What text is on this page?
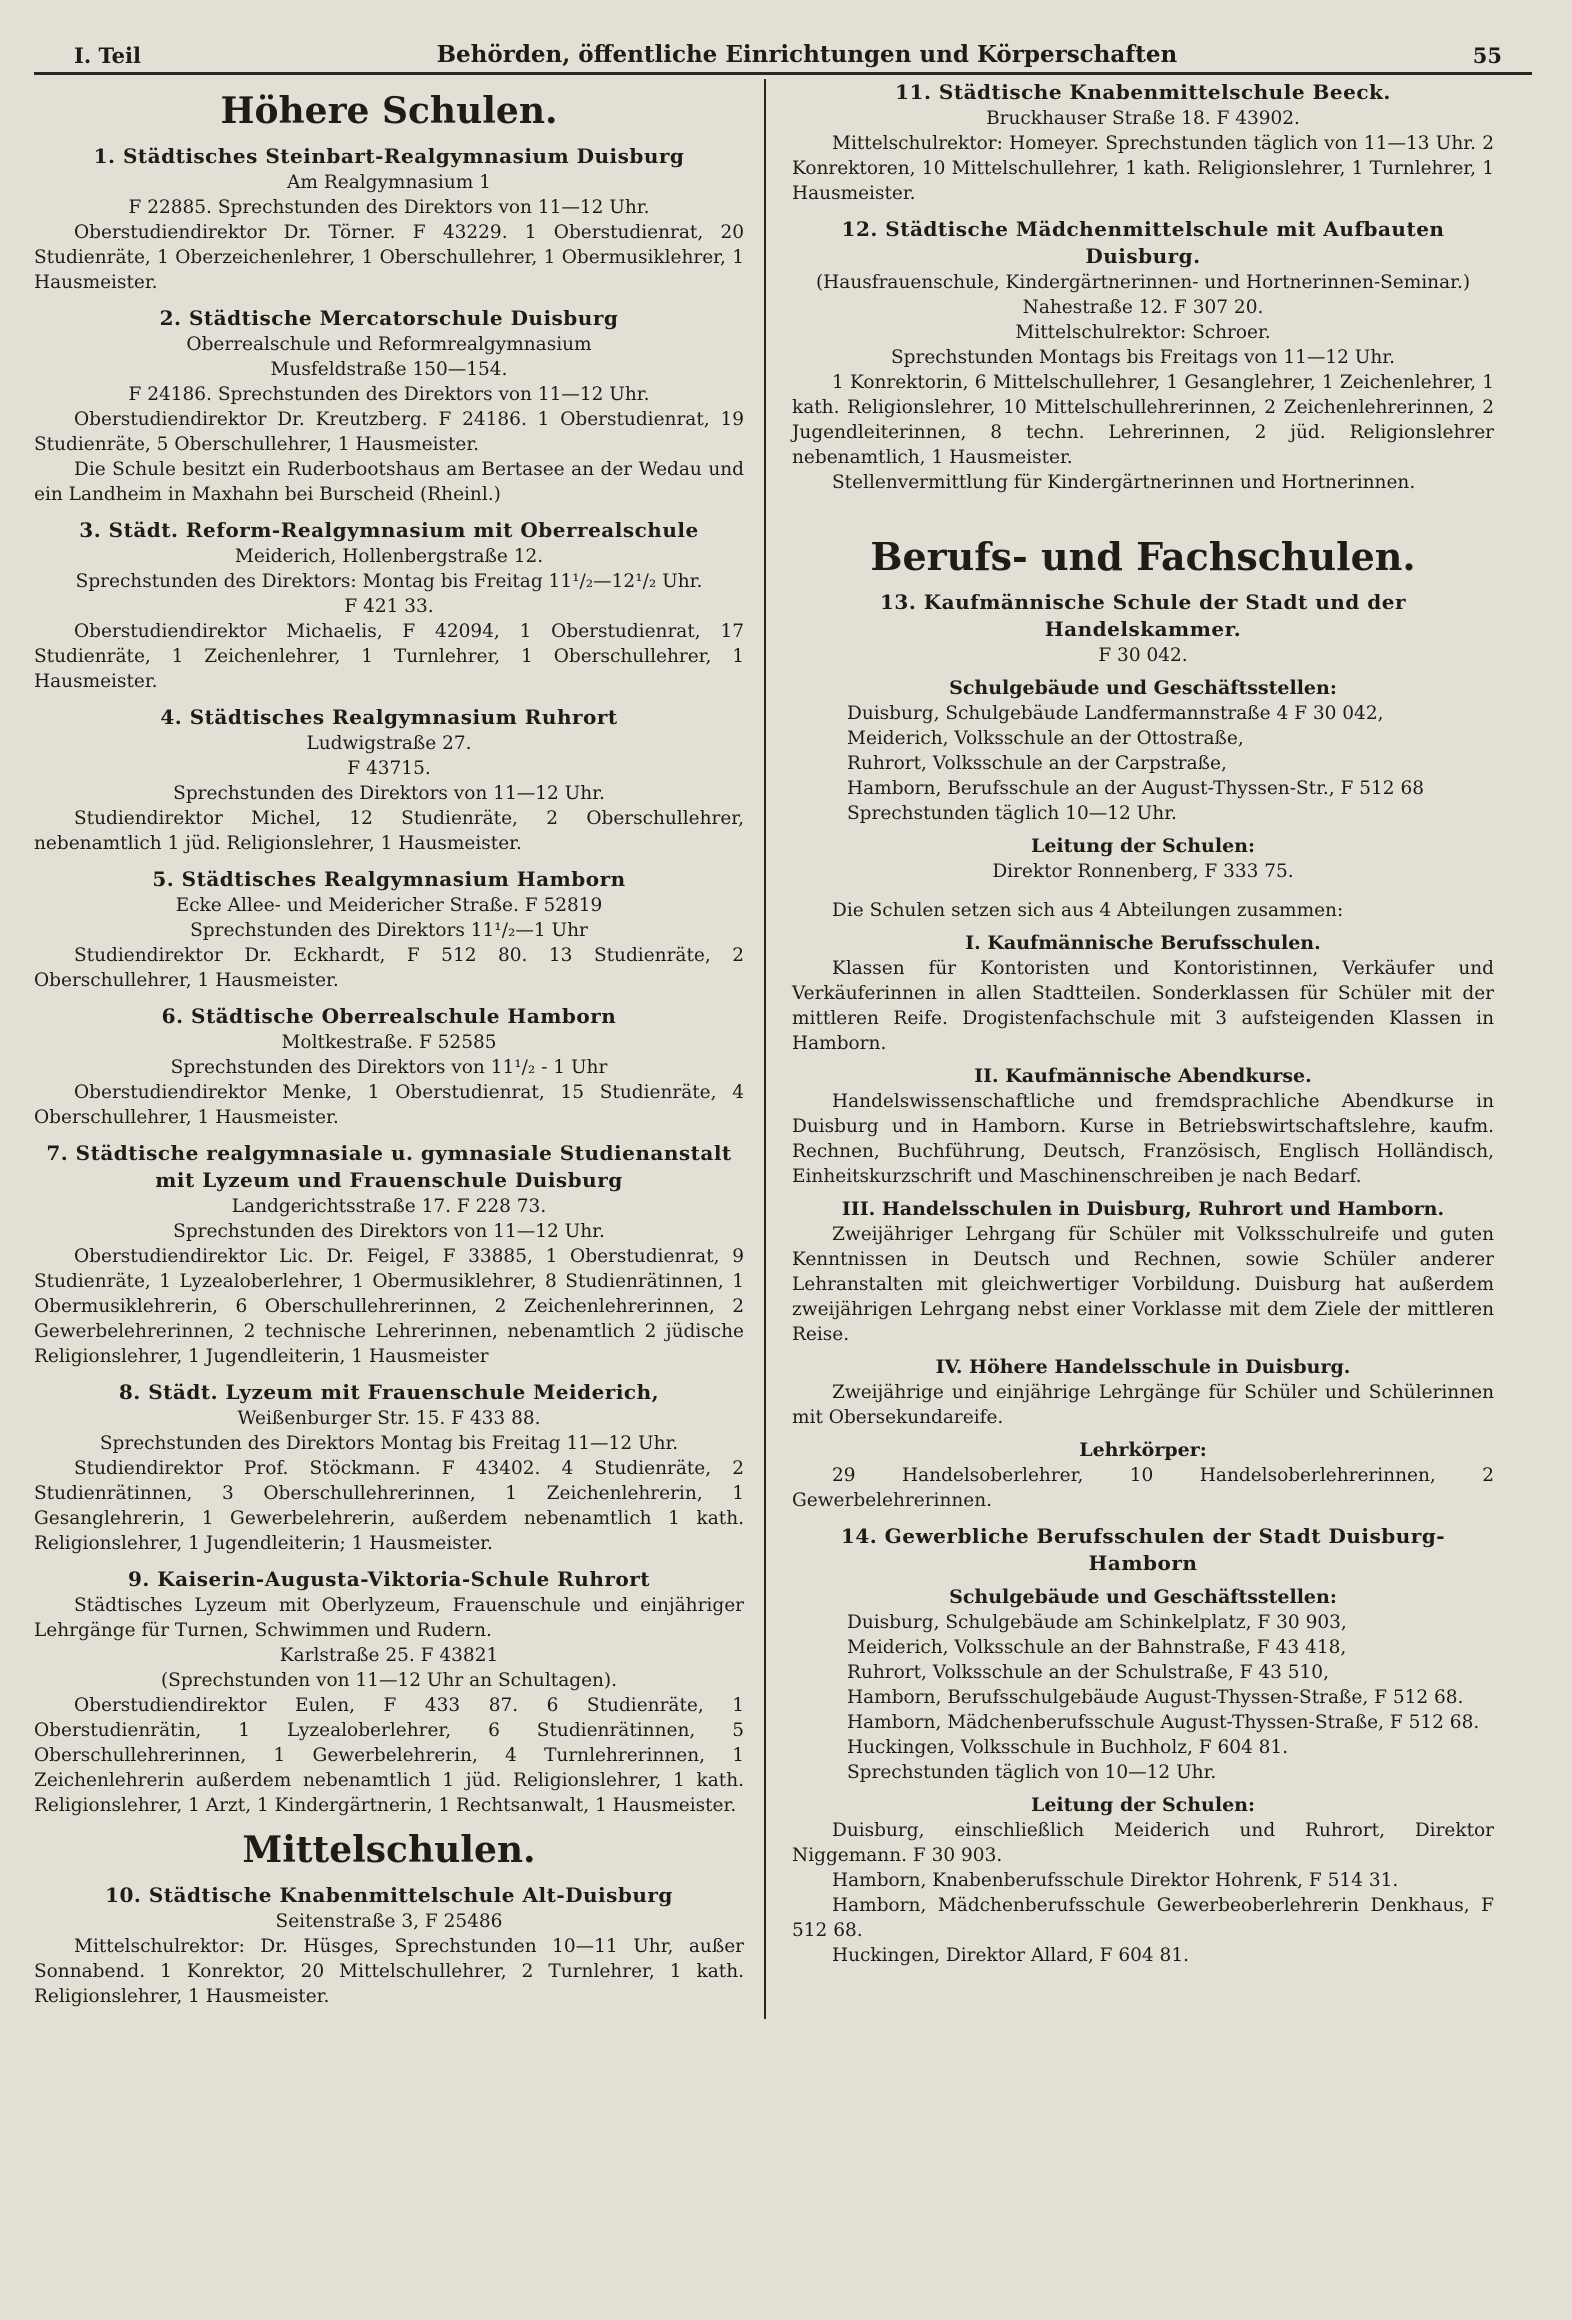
I. Teil	Behörden, öffentliche Einrichtungen und Körperschaften	55
Höhere Schulen.
1. Städtisches Steinbart-Realgymnasium Duisburg
Am Realgymnasium 1
F 22885. Sprechstunden des Direktors von 11—12 Uhr.
Oberstudiendirektor Dr. Törner. F 43229. 1 Oberstudienrat, 20 Studienräte, 1 Oberzeichenlehrer, 1 Oberschullehrer, 1 Obermusiklehrer, 1 Hausmeister.
2. Städtische Mercatorschule Duisburg
Oberrealschule und Reformrealgymnasium
Musfeldstraße 150—154.
F 24186. Sprechstunden des Direktors von 11—12 Uhr.
Oberstudiendirektor Dr. Kreutzberg. F 24186. 1 Oberstudienrat, 19 Studienräte, 5 Oberschullehrer, 1 Hausmeister.
Die Schule besitzt ein Ruderbootshaus am Bertasee an der Wedau und ein Landheim in Maxhahn bei Burscheid (Rheinl.)
3. Städt. Reform-Realgymnasium mit Oberrealschule
Meiderich, Hollenbergstraße 12.
Sprechstunden des Direktors: Montag bis Freitag 11¹/₂—12¹/₂ Uhr.
F 421 33.
Oberstudiendirektor Michaelis, F 42094, 1 Oberstudienrat, 17 Studienräte, 1 Zeichenlehrer, 1 Turnlehrer, 1 Oberschullehrer, 1 Hausmeister.
4. Städtisches Realgymnasium Ruhrort
Ludwigstraße 27.
F 43715.
Sprechstunden des Direktors von 11—12 Uhr.
Studiendirektor Michel, 12 Studienräte, 2 Oberschullehrer, nebenamtlich 1 jüd. Religionslehrer, 1 Hausmeister.
5. Städtisches Realgymnasium Hamborn
Ecke Allee- und Meidericher Straße. F 52819
Sprechstunden des Direktors 11¹/₂—1 Uhr
Studiendirektor Dr. Eckhardt, F 512 80. 13 Studienräte, 2 Oberschullehrer, 1 Hausmeister.
6. Städtische Oberrealschule Hamborn
Moltkestraße. F 52585
Sprechstunden des Direktors von 11¹/₂ - 1 Uhr
Oberstudiendirektor Menke, 1 Oberstudienrat, 15 Studienräte, 4 Oberschullehrer, 1 Hausmeister.
7. Städtische realgymnasiale u. gymnasiale Studienanstalt mit Lyzeum und Frauenschule Duisburg
Landgerichtsstraße 17. F 228 73.
Sprechstunden des Direktors von 11—12 Uhr.
Oberstudiendirektor Lic. Dr. Feigel, F 33885, 1 Oberstudienrat, 9 Studienräte, 1 Lyzealoberlehrer, 1 Obermusiklehrer, 8 Studienrätinnen, 1 Obermusiklehrerin, 6 Oberschullehrerinnen, 2 Zeichenlehrerinnen, 2 Gewerbelehrerinnen, 2 technische Lehrerinnen, nebenamtlich 2 jüdische Religionslehrer, 1 Jugendleiterin, 1 Hausmeister
8. Städt. Lyzeum mit Frauenschule Meiderich,
Weißenburger Str. 15. F 433 88.
Sprechstunden des Direktors Montag bis Freitag 11—12 Uhr.
Studiendirektor Prof. Stöckmann. F 43402. 4 Studienräte, 2 Studienrätinnen, 3 Oberschullehrerinnen, 1 Zeichenlehrerin, 1 Gesanglehrerin, 1 Gewerbelehrerin, außerdem nebenamtlich 1 kath. Religionslehrer, 1 Jugendleiterin; 1 Hausmeister.
9. Kaiserin-Augusta-Viktoria-Schule Ruhrort
Städtisches Lyzeum mit Oberlyzeum, Frauenschule und einjähriger Lehrgänge für Turnen, Schwimmen und Rudern.
Karlstraße 25. F 43821
(Sprechstunden von 11—12 Uhr an Schultagen).
Oberstudiendirektor Eulen, F 433 87. 6 Studienräte, 1 Oberstudienrätin, 1 Lyzealoberlehrer, 6 Studienrätinnen, 5 Oberschullehrerinnen, 1 Gewerbelehrerin, 4 Turnlehrerinnen, 1 Zeichenlehrerin außerdem nebenamtlich 1 jüd. Religionslehrer, 1 kath. Religionslehrer, 1 Arzt, 1 Kindergärtnerin, 1 Rechtsanwalt, 1 Hausmeister.
Mittelschulen.
10. Städtische Knabenmittelschule Alt-Duisburg
Seitenstraße 3, F 25486
Mittelschulrektor: Dr. Hüsges, Sprechstunden 10—11 Uhr, außer Sonnabend. 1 Konrektor, 20 Mittelschullehrer, 2 Turnlehrer, 1 kath. Religionslehrer, 1 Hausmeister.
11. Städtische Knabenmittelschule Beeck.
Bruckhauser Straße 18. F 43902.
Mittelschulrektor: Homeyer. Sprechstunden täglich von 11—13 Uhr. 2 Konrektoren, 10 Mittelschullehrer, 1 kath. Religionslehrer, 1 Turnlehrer, 1 Hausmeister.
12. Städtische Mädchenmittelschule mit Aufbauten Duisburg.
(Hausfrauenschule, Kindergärtnerinnen- und Hortnerinnen-Seminar.)
Nahestraße 12. F 307 20.
Mittelschulrektor: Schroer.
Sprechstunden Montags bis Freitags von 11—12 Uhr.
1 Konrektorin, 6 Mittelschullehrer, 1 Gesanglehrer, 1 Zeichenlehrer, 1 kath. Religionslehrer, 10 Mittelschullehrerinnen, 2 Zeichenlehrerinnen, 2 Jugendleiterinnen, 8 techn. Lehrerinnen, 2 jüd. Religionslehrer nebenamtlich, 1 Hausmeister.
Stellenvermittlung für Kindergärtnerinnen und Hortnerinnen.
Berufs- und Fachschulen.
13. Kaufmännische Schule der Stadt und der Handelskammer.
F 30 042.
Schulgebäude und Geschäftsstellen:
Duisburg, Schulgebäude Landfermannstraße 4 F 30 042,
Meiderich, Volksschule an der Ottostraße,
Ruhrort, Volksschule an der Carpstraße,
Hamborn, Berufsschule an der August-Thyssen-Str., F 512 68
Sprechstunden täglich 10—12 Uhr.
Leitung der Schulen:
Direktor Ronnenberg, F 333 75.
Die Schulen setzen sich aus 4 Abteilungen zusammen:
I. Kaufmännische Berufsschulen.
Klassen für Kontoristen und Kontoristinnen, Verkäufer und Verkäuferinnen in allen Stadtteilen. Sonderklassen für Schüler mit der mittleren Reife. Drogistenfachschule mit 3 aufsteigenden Klassen in Hamborn.
II. Kaufmännische Abendkurse.
Handelswissenschaftliche und fremdsprachliche Abendkurse in Duisburg und in Hamborn. Kurse in Betriebswirtschaftslehre, kaufm. Rechnen, Buchführung, Deutsch, Französisch, Englisch Holländisch, Einheitskurzschrift und Maschinenschreiben je nach Bedarf.
III. Handelsschulen in Duisburg, Ruhrort und Hamborn.
Zweijähriger Lehrgang für Schüler mit Volksschulreife und guten Kenntnissen in Deutsch und Rechnen, sowie Schüler anderer Lehranstalten mit gleichwertiger Vorbildung. Duisburg hat außerdem zweijährigen Lehrgang nebst einer Vorklasse mit dem Ziele der mittleren Reise.
IV. Höhere Handelsschule in Duisburg.
Zweijährige und einjährige Lehrgänge für Schüler und Schülerinnen mit Obersekundareife.
Lehrkörper:
29 Handelsoberlehrer, 10 Handelsoberlehrerinnen, 2 Gewerbelehrerinnen.
14. Gewerbliche Berufsschulen der Stadt Duisburg-Hamborn
Schulgebäude und Geschäftsstellen:
Duisburg, Schulgebäude am Schinkelplatz, F 30 903,
Meiderich, Volksschule an der Bahnstraße, F 43 418,
Ruhrort, Volksschule an der Schulstraße, F 43 510,
Hamborn, Berufsschulgebäude August-Thyssen-Straße, F 512 68.
Hamborn, Mädchenberufsschule August-Thyssen-Straße, F 512 68.
Huckingen, Volksschule in Buchholz, F 604 81.
Sprechstunden täglich von 10—12 Uhr.
Leitung der Schulen:
Duisburg, einschließlich Meiderich und Ruhrort, Direktor Niggemann. F 30 903.
Hamborn, Knabenberufsschule Direktor Hohrenk, F 514 31.
Hamborn, Mädchenberufsschule Gewerbeoberlehrerin Denkhaus, F 512 68.
Huckingen, Direktor Allard, F 604 81.
